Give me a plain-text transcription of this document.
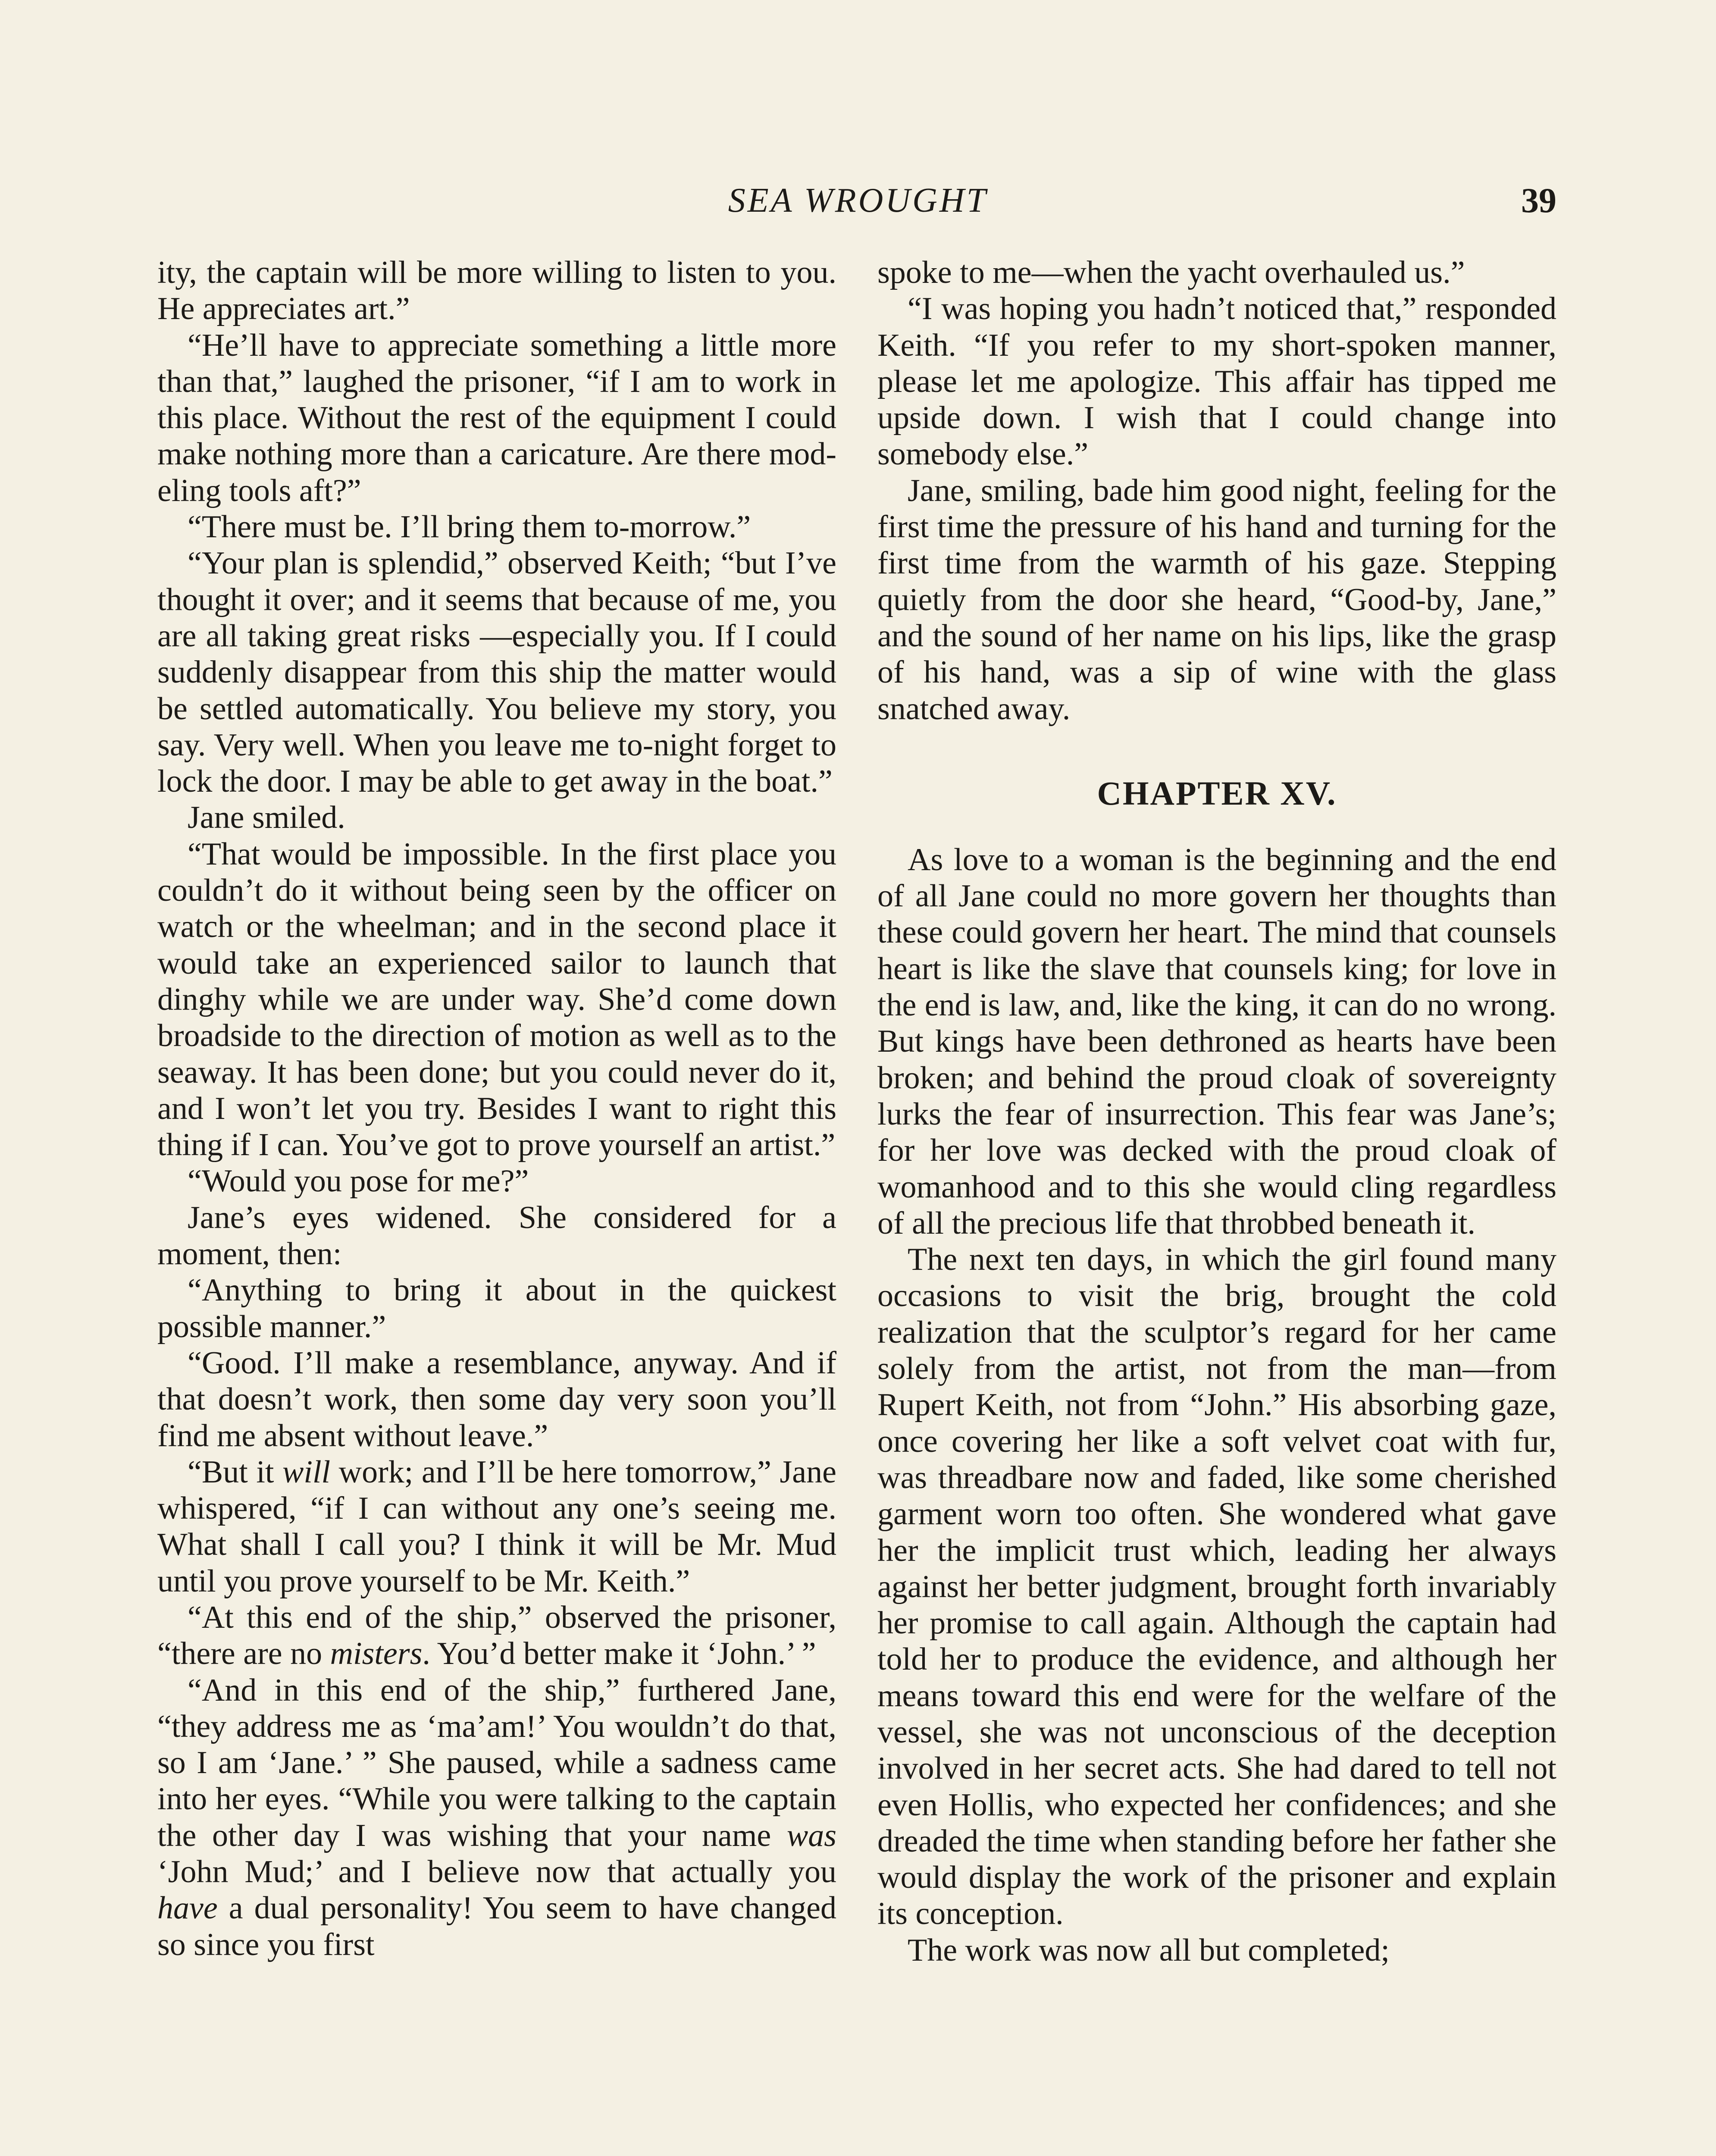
SEA WROUGHT	39

ity, the captain will be more willing to listen to you. He appreciates art.”

“He’ll have to appreciate something a little more than that,” laughed the prisoner, “if I am to work in this place. Without the rest of the equipment I could make nothing more than a caricature. Are there modeling tools aft?”

“There must be. I’ll bring them to-morrow.”

“Your plan is splendid,” observed Keith; “but I’ve thought it over; and it seems that because of me, you are all taking great risks —especially you. If I could suddenly disappear from this ship the matter would be settled automatically. You believe my story, you say. Very well. When you leave me to-night forget to lock the door. I may be able to get away in the boat.”

Jane smiled.

“That would be impossible. In the first place you couldn’t do it without being seen by the officer on watch or the wheelman; and in the second place it would take an experienced sailor to launch that dinghy while we are under way. She’d come down broadside to the direction of motion as well as to the seaway. It has been done; but you could never do it, and I won’t let you try. Besides I want to right this thing if I can. You’ve got to prove yourself an artist.”

“Would you pose for me?”

Jane’s eyes widened. She considered for a moment, then:

“Anything to bring it about in the quickest possible manner.”

“Good. I’ll make a resemblance, anyway. And if that doesn’t work, then some day very soon you’ll find me absent without leave.”

“But it will work; and I’ll be here tomorrow,” Jane whispered, “if I can without any one’s seeing me. What shall I call you? I think it will be Mr. Mud until you prove yourself to be Mr. Keith.”

“At this end of the ship,” observed the prisoner, “there are no misters. You’d better make it ‘John.’ ”

“And in this end of the ship,” furthered Jane, “they address me as ‘ma’am!’ You wouldn’t do that, so I am ‘Jane.’ ” She paused, while a sadness came into her eyes. “While you were talking to the captain the other day I was wishing that your name was ‘John Mud;’ and I believe now that actually you have a dual personality! You seem to have changed so since you first

spoke to me—when the yacht overhauled us.”

“I was hoping you hadn’t noticed that,” responded Keith. “If you refer to my short-spoken manner, please let me apologize. This affair has tipped me upside down. I wish that I could change into somebody else.”

Jane, smiling, bade him good night, feeling for the first time the pressure of his hand and turning for the first time from the warmth of his gaze. Stepping quietly from the door she heard, “Good-by, Jane,” and the sound of her name on his lips, like the grasp of his hand, was a sip of wine with the glass snatched away.

CHAPTER XV.

As love to a woman is the beginning and the end of all Jane could no more govern her thoughts than these could govern her heart. The mind that counsels heart is like the slave that counsels king; for love in the end is law, and, like the king, it can do no wrong. But kings have been dethroned as hearts have been broken; and behind the proud cloak of sovereignty lurks the fear of insurrection. This fear was Jane’s; for her love was decked with the proud cloak of womanhood and to this she would cling regardless of all the precious life that throbbed beneath it.

The next ten days, in which the girl found many occasions to visit the brig, brought the cold realization that the sculptor’s regard for her came solely from the artist, not from the man—from Rupert Keith, not from “John.” His absorbing gaze, once covering her like a soft velvet coat with fur, was threadbare now and faded, like some cherished garment worn too often. She wondered what gave her the implicit trust which, leading her always against her better judgment, brought forth invariably her promise to call again. Although the captain had told her to produce the evidence, and although her means toward this end were for the welfare of the vessel, she was not unconscious of the deception involved in her secret acts. She had dared to tell not even Hollis, who expected her confidences; and she dreaded the time when standing before her father she would display the work of the prisoner and explain its conception.

The work was now all but completed;
